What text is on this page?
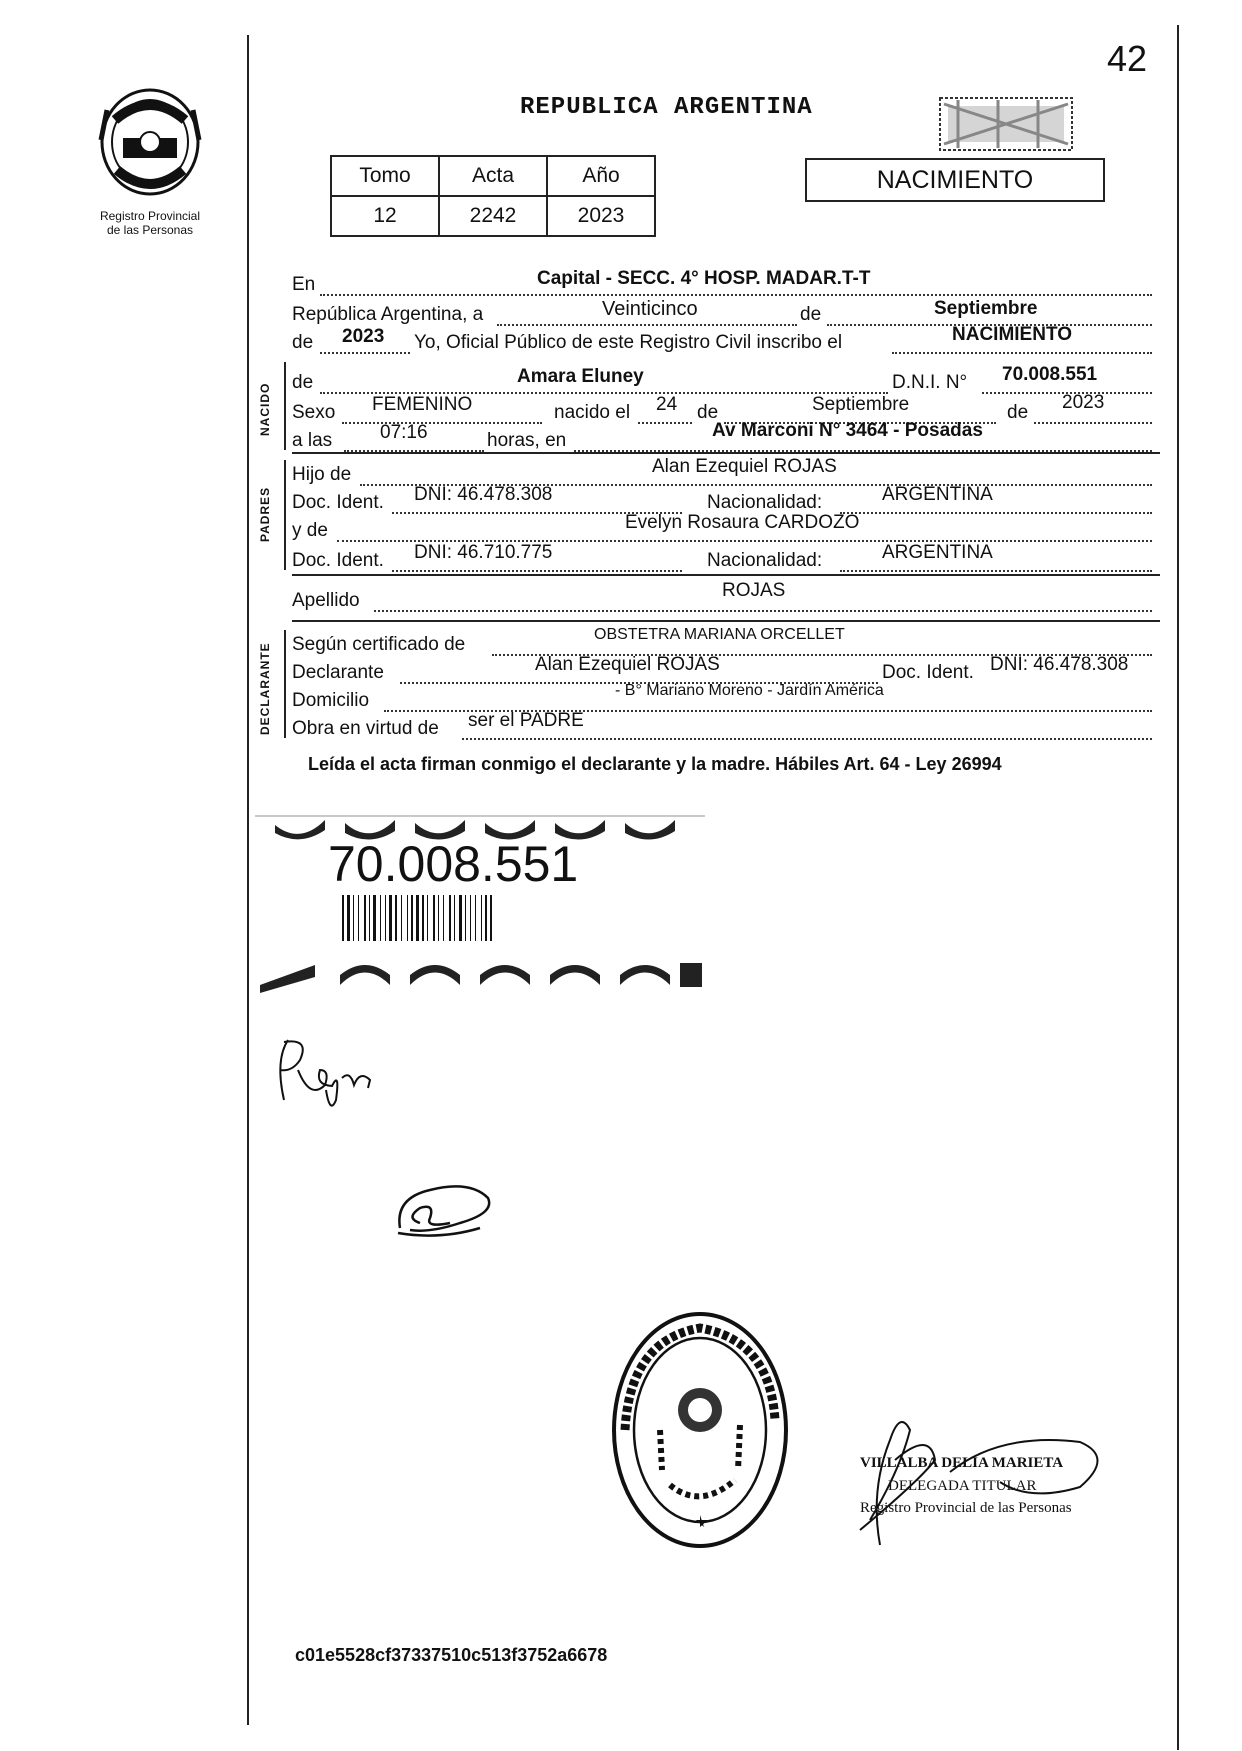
42
Registro Provincial
de las Personas
REPUBLICA ARGENTINA
Tomo	Acta	Año
12	2242	2023
NACIMIENTO
En	Capital - SECC. 4° HOSP. MADAR.T-T
República Argentina, a	Veinticinco	de	Septiembre
de 2023 Yo, Oficial Público de este Registro Civil inscribo el	NACIMIENTO
NACIDO
de	Amara Eluney	D.N.I. N° 70.008.551
Sexo FEMENINO	nacido el 24 de	Septiembre	de 2023
a las	07:16	horas, en	Av Marconi N° 3464 - Posadas
PADRES
Hijo de	Alan Ezequiel ROJAS
Doc. Ident. DNI: 46.478.308	Nacionalidad:	ARGENTINA
y de	Evelyn Rosaura CARDOZO
Doc. Ident. DNI: 46.710.775	Nacionalidad:	ARGENTINA
Apellido	ROJAS
DECLARANTE Según certificado de	OBSTETRA MARIANA ORCELLET
Declarante	Alan Ezequiel ROJAS	Doc. Ident. DNI: 46.478.308
Domicilio	- B° Mariano Moreno - Jardín América
Obra en virtud de ser el PADRE
Leída el acta firman conmigo el declarante y la madre. Hábiles Art. 64 - Ley 26994
70.008.551
VILLALBA DELIA MARIETA
DELEGADA TITULAR
Registro Provincial de las Personas
c01e5528cf37337510c513f3752a6678
